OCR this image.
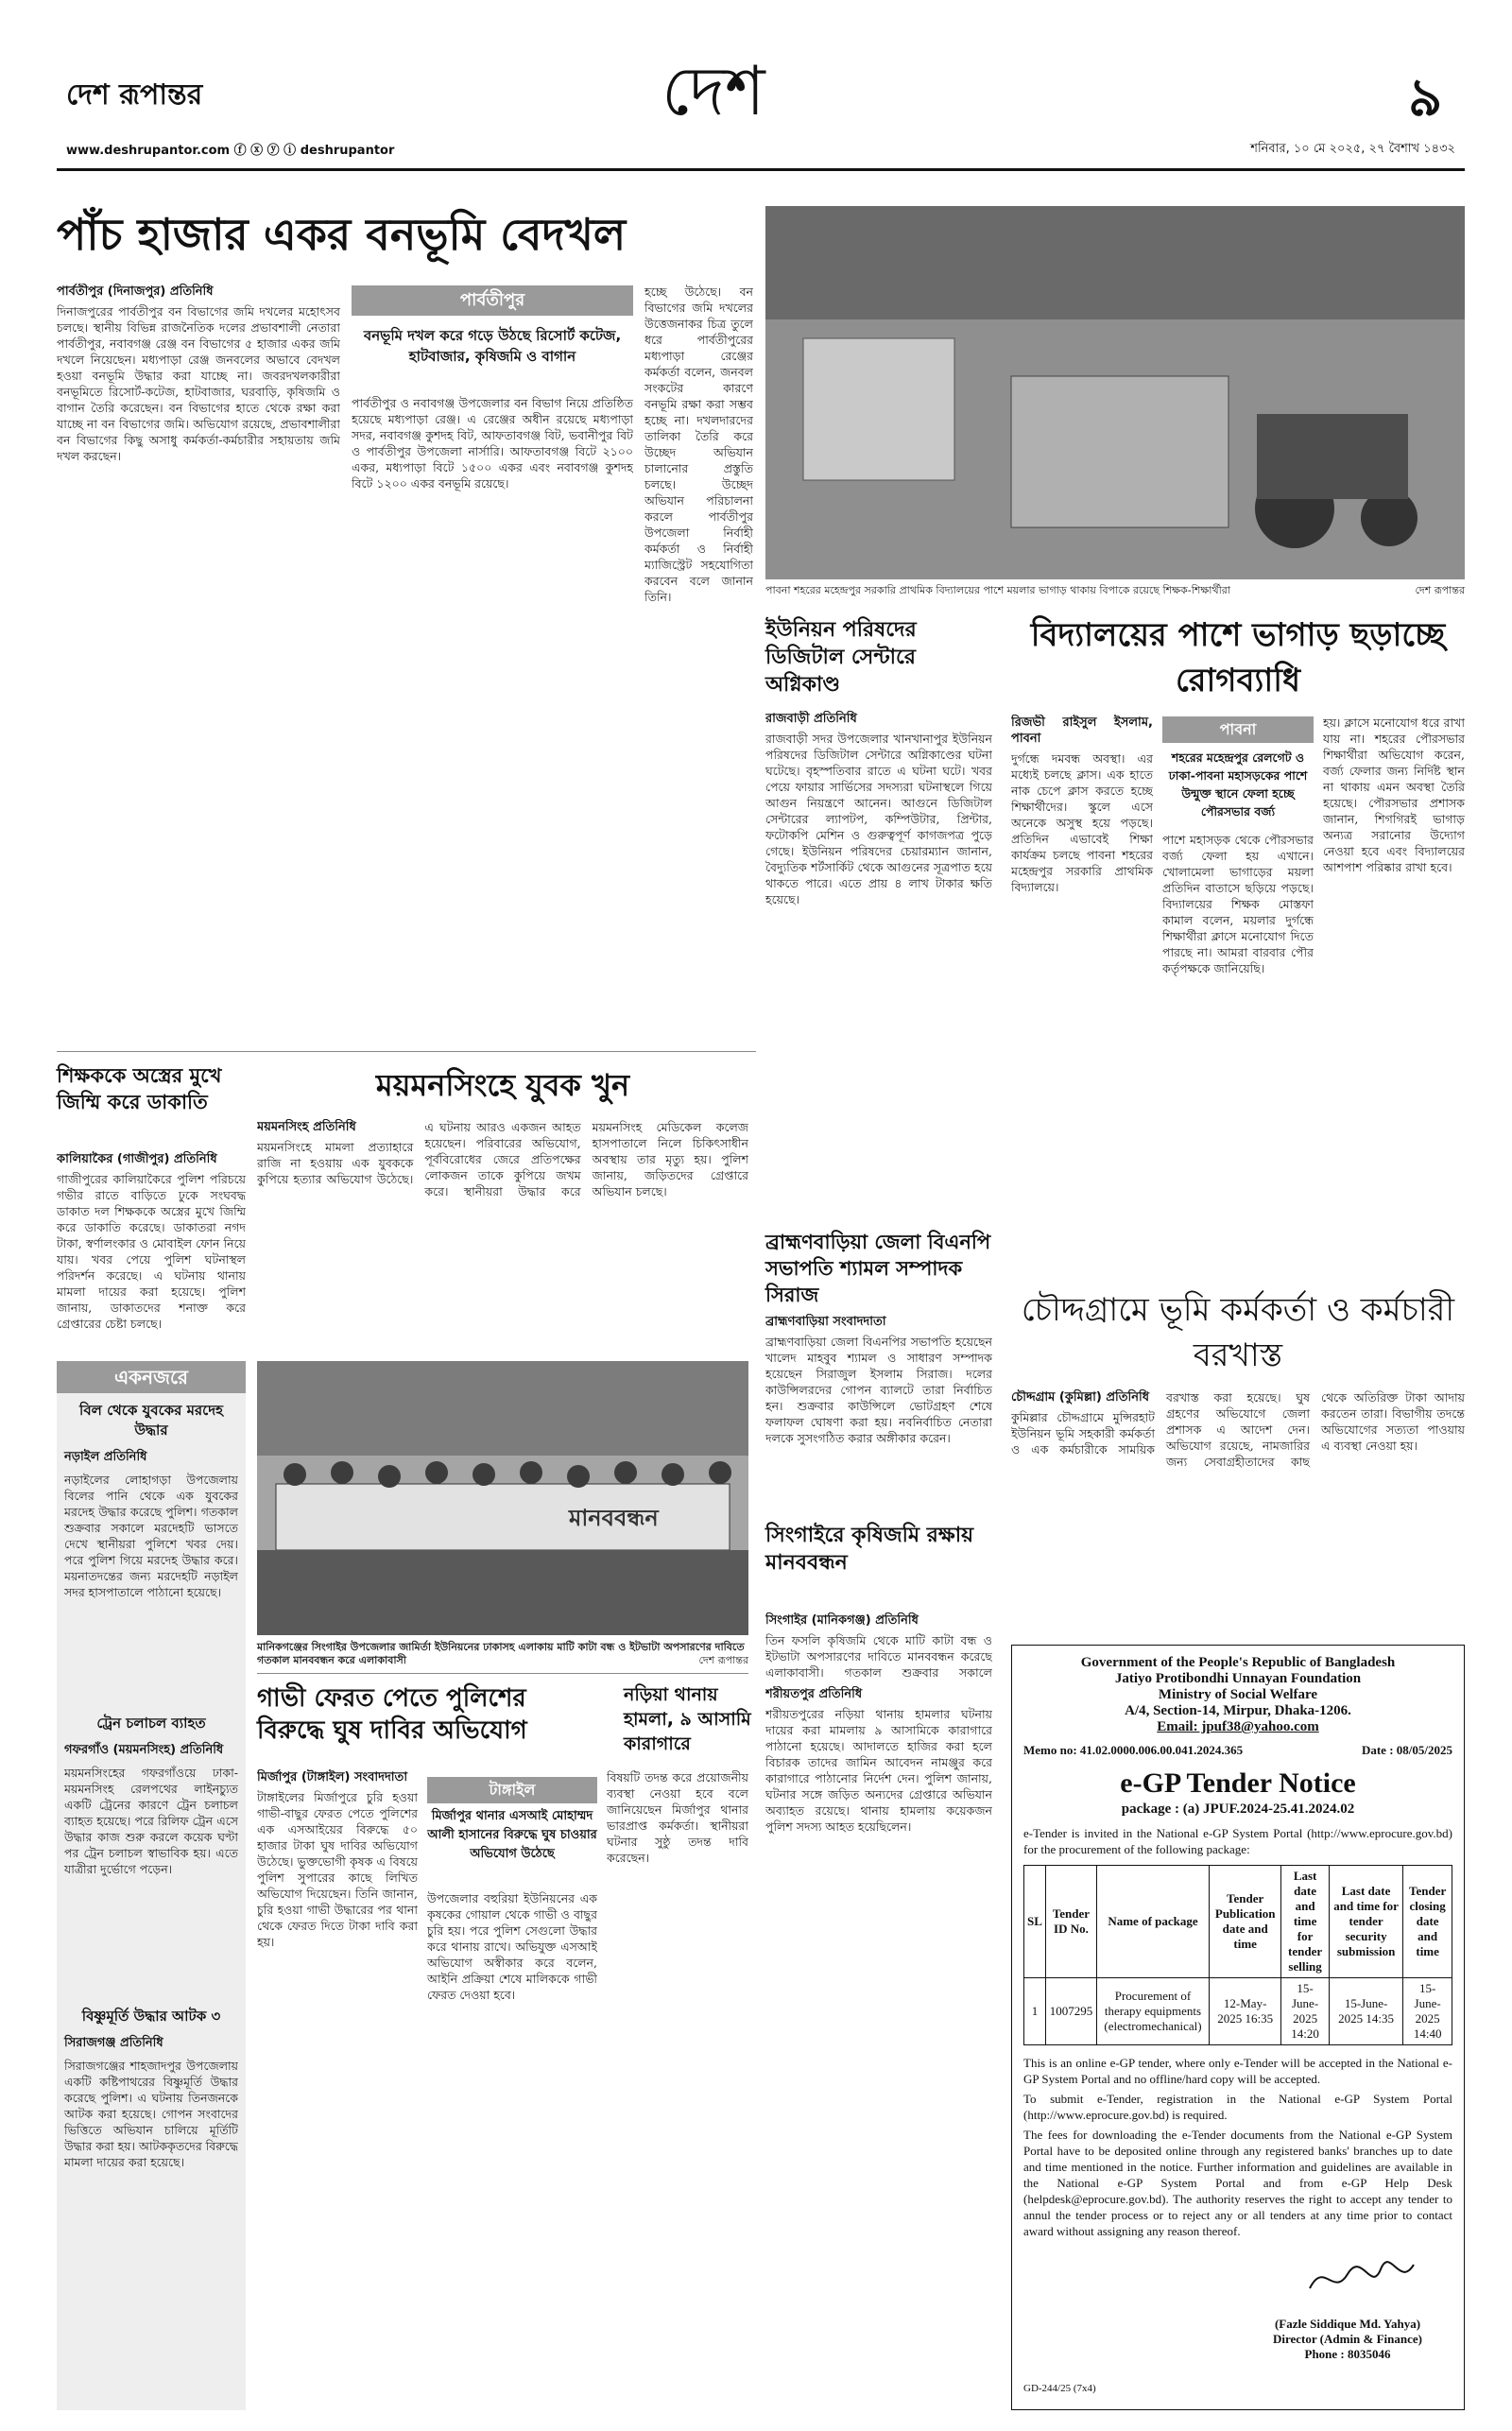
দেশ রূপান্তর	দেশ	৯
www.deshrupantor.com ⓕ ⓧ ⓨ ⓘ deshrupantor	শনিবার, ১০ মে ২০২৫, ২৭ বৈশাখ ১৪৩২
পাঁচ হাজার একর বনভূমি বেদখল
পার্বতীপুর (দিনাজপুর) প্রতিনিধি
দিনাজপুরের পার্বতীপুর বন বিভাগের জমি দখলের মহোৎসব চলছে। স্থানীয় বিভিন্ন রাজনৈতিক দলের প্রভাবশালী নেতারা পার্বতীপুর, নবাবগঞ্জ রেঞ্জ বন বিভাগের ৫ হাজার একর জমি দখলে নিয়েছেন। মধ্যপাড়া রেঞ্জ জনবলের অভাবে বেদখল হওয়া বনভূমি উদ্ধার করা যাচ্ছে না। জবরদখলকারীরা বনভূমিতে রিসোর্ট-কটেজ, হাটবাজার, ঘরবাড়ি, কৃষিজমি ও বাগান তৈরি করেছেন। বন বিভাগের হাতে থেকে রক্ষা করা যাচ্ছে না বন বিভাগের জমি। অভিযোগ রয়েছে, প্রভাবশালীরা বন বিভাগের কিছু অসাধু কর্মকর্তা-কর্মচারীর সহায়তায় জমি দখল করছেন।
পার্বতীপুর
বনভূমি দখল করে গড়ে উঠছে রিসোর্ট কটেজ, হাটবাজার, কৃষিজমি ও বাগান
পার্বতীপুর ও নবাবগঞ্জ উপজেলার বন বিভাগ নিয়ে প্রতিষ্ঠিত হয়েছে মধ্যপাড়া রেঞ্জ। এ রেঞ্জের অধীন রয়েছে মধ্যপাড়া সদর, নবাবগঞ্জ কুশদহ বিট, আফতাবগঞ্জ বিট, ভবানীপুর বিট ও পার্বতীপুর উপজেলা নার্সারি। আফতাবগঞ্জ বিটে ২১০০ একর, মধ্যপাড়া বিটে ১৫০০ একর এবং নবাবগঞ্জ কুশদহ বিটে ১২০০ একর বনভূমি রয়েছে।
হচ্ছে উঠেছে। বন বিভাগের জমি দখলের উত্তেজনাকর চিত্র তুলে ধরে পার্বতীপুরের মধ্যপাড়া রেঞ্জের কর্মকর্তা বলেন, জনবল সংকটের কারণে বনভূমি রক্ষা করা সম্ভব হচ্ছে না। দখলদারদের তালিকা তৈরি করে উচ্ছেদ অভিযান চালানোর প্রস্তুতি চলছে। উচ্ছেদ অভিযান পরিচালনা করলে পার্বতীপুর উপজেলা নির্বাহী কর্মকর্তা ও নির্বাহী ম্যাজিস্ট্রেট সহযোগিতা করবেন বলে জানান তিনি।	পাবনা শহরের মহেন্দ্রপুর সরকারি প্রাথমিক বিদ্যালয়ের পাশে ময়লার ভাগাড় থাকায় বিপাকে রয়েছে শিক্ষক-শিক্ষার্থীরা	দেশ রূপান্তর
বিদ্যালয়ের পাশে ভাগাড় ছড়াচ্ছে রোগব্যাধি
রিজভী রাইসুল ইসলাম, পাবনা
দুর্গন্ধে দমবন্ধ অবস্থা। এর মধ্যেই চলছে ক্লাস। এক হাতে নাক চেপে ক্লাস করতে হচ্ছে শিক্ষার্থীদের। স্কুলে এসে অনেকে অসুস্থ হয়ে পড়ছে। প্রতিদিন এভাবেই শিক্ষা কার্যক্রম চলছে পাবনা শহরের মহেন্দ্রপুর সরকারি প্রাথমিক বিদ্যালয়ে।
পাবনা
শহরের মহেন্দ্রপুর রেলগেট ও ঢাকা-পাবনা মহাসড়কের পাশে উন্মুক্ত স্থানে ফেলা হচ্ছে পৌরসভার বর্জ্য
পাশে মহাসড়ক থেকে পৌরসভার বর্জ্য ফেলা হয় এখানে। খোলামেলা ভাগাড়ের ময়লা প্রতিদিন বাতাসে ছড়িয়ে পড়ছে। বিদ্যালয়ের শিক্ষক মোস্তফা কামাল বলেন, ময়লার দুর্গন্ধে শিক্ষার্থীরা ক্লাসে মনোযোগ দিতে পারছে না। আমরা বারবার পৌর কর্তৃপক্ষকে জানিয়েছি।
হয়। ক্লাসে মনোযোগ ধরে রাখা যায় না। শহরের পৌরসভার শিক্ষার্থীরা অভিযোগ করেন, বর্জ্য ফেলার জন্য নির্দিষ্ট স্থান না থাকায় এমন অবস্থা তৈরি হয়েছে। পৌরসভার প্রশাসক জানান, শিগগিরই ভাগাড় অন্যত্র সরানোর উদ্যোগ নেওয়া হবে এবং বিদ্যালয়ের আশপাশ পরিষ্কার রাখা হবে।
ইউনিয়ন পরিষদের ডিজিটাল সেন্টারে অগ্নিকাণ্ড
রাজবাড়ী প্রতিনিধি
রাজবাড়ী সদর উপজেলার খানখানাপুর ইউনিয়ন পরিষদের ডিজিটাল সেন্টারে অগ্নিকাণ্ডের ঘটনা ঘটেছে। বৃহস্পতিবার রাতে এ ঘটনা ঘটে। খবর পেয়ে ফায়ার সার্ভিসের সদস্যরা ঘটনাস্থলে গিয়ে আগুন নিয়ন্ত্রণে আনেন। আগুনে ডিজিটাল সেন্টারের ল্যাপটপ, কম্পিউটার, প্রিন্টার, ফটোকপি মেশিন ও গুরুত্বপূর্ণ কাগজপত্র পুড়ে গেছে। ইউনিয়ন পরিষদের চেয়ারম্যান জানান, বৈদ্যুতিক শর্টসার্কিট থেকে আগুনের সূত্রপাত হয়ে থাকতে পারে। এতে প্রায় ৪ লাখ টাকার ক্ষতি হয়েছে।
শিক্ষককে অস্ত্রের মুখে জিম্মি করে ডাকাতি
কালিয়াকৈর (গাজীপুর) প্রতিনিধি
গাজীপুরের কালিয়াকৈরে পুলিশ পরিচয়ে গভীর রাতে বাড়িতে ঢুকে সংঘবদ্ধ ডাকাত দল শিক্ষককে অস্ত্রের মুখে জিম্মি করে ডাকাতি করেছে। ডাকাতরা নগদ টাকা, স্বর্ণালংকার ও মোবাইল ফোন নিয়ে যায়। খবর পেয়ে পুলিশ ঘটনাস্থল পরিদর্শন করেছে। এ ঘটনায় থানায় মামলা দায়ের করা হয়েছে। পুলিশ জানায়, ডাকাতদের শনাক্ত করে গ্রেপ্তারের চেষ্টা চলছে।
ময়মনসিংহে যুবক খুন
ময়মনসিংহ প্রতিনিধি
ময়মনসিংহে মামলা প্রত্যাহারে রাজি না হওয়ায় এক যুবককে কুপিয়ে হত্যার অভিযোগ উঠেছে। এ ঘটনায় আরও একজন আহত হয়েছেন। পরিবারের অভিযোগ, পূর্ববিরোধের জেরে প্রতিপক্ষের লোকজন তাকে কুপিয়ে জখম করে। স্থানীয়রা উদ্ধার করে ময়মনসিংহ মেডিকেল কলেজ হাসপাতালে নিলে চিকিৎসাধীন অবস্থায় তার মৃত্যু হয়। পুলিশ জানায়, জড়িতদের গ্রেপ্তারে অভিযান চলছে।
ব্রাহ্মণবাড়িয়া জেলা বিএনপি সভাপতি শ্যামল সম্পাদক সিরাজ
ব্রাহ্মণবাড়িয়া সংবাদদাতা
ব্রাহ্মণবাড়িয়া জেলা বিএনপির সভাপতি হয়েছেন খালেদ মাহবুব শ্যামল ও সাধারণ সম্পাদক হয়েছেন সিরাজুল ইসলাম সিরাজ। দলের কাউন্সিলরদের গোপন ব্যালটে তারা নির্বাচিত হন। শুক্রবার কাউন্সিলে ভোটগ্রহণ শেষে ফলাফল ঘোষণা করা হয়। নবনির্বাচিত নেতারা দলকে সুসংগঠিত করার অঙ্গীকার করেন।
একনজরে
বিল থেকে যুবকের মরদেহ উদ্ধার
নড়াইল প্রতিনিধি
নড়াইলের লোহাগড়া উপজেলায় বিলের পানি থেকে এক যুবকের মরদেহ উদ্ধার করেছে পুলিশ। গতকাল শুক্রবার সকালে মরদেহটি ভাসতে দেখে স্থানীয়রা পুলিশে খবর দেয়। পরে পুলিশ গিয়ে মরদেহ উদ্ধার করে। ময়নাতদন্তের জন্য মরদেহটি নড়াইল সদর হাসপাতালে পাঠানো হয়েছে।
ট্রেন চলাচল ব্যাহত
গফরগাঁও (ময়মনসিংহ) প্রতিনিধি
ময়মনসিংহের গফরগাঁওয়ে ঢাকা-ময়মনসিংহ রেলপথের লাইনচ্যুত একটি ট্রেনের কারণে ট্রেন চলাচল ব্যাহত হয়েছে। পরে রিলিফ ট্রেন এসে উদ্ধার কাজ শুরু করলে কয়েক ঘণ্টা পর ট্রেন চলাচল স্বাভাবিক হয়। এতে যাত্রীরা দুর্ভোগে পড়েন।
বিষ্ণুমূর্তি উদ্ধার আটক ৩
সিরাজগঞ্জ প্রতিনিধি
সিরাজগঞ্জের শাহজাদপুর উপজেলায় একটি কষ্টিপাথরের বিষ্ণুমূর্তি উদ্ধার করেছে পুলিশ। এ ঘটনায় তিনজনকে আটক করা হয়েছে। গোপন সংবাদের ভিত্তিতে অভিযান চালিয়ে মূর্তিটি উদ্ধার করা হয়। আটককৃতদের বিরুদ্ধে মামলা দায়ের করা হয়েছে।
মানববন্ধন
মানিকগঞ্জের সিংগাইর উপজেলার জামির্তা ইউনিয়নের ঢাকাসহ এলাকায় মাটি কাটা বন্ধ ও ইটভাটা অপসারণের দাবিতে গতকাল মানববন্ধন করে এলাকাবাসী	দেশ রূপান্তর
সিংগাইরে কৃষিজমি রক্ষায় মানববন্ধন
সিংগাইর (মানিকগঞ্জ) প্রতিনিধি
তিন ফসলি কৃষিজমি থেকে মাটি কাটা বন্ধ ও ইটভাটা অপসারণের দাবিতে মানববন্ধন করেছে এলাকাবাসী। গতকাল শুক্রবার সকালে
চৌদ্দগ্রামে ভূমি কর্মকর্তা ও কর্মচারী বরখাস্ত
চৌদ্দগ্রাম (কুমিল্লা) প্রতিনিধি
কুমিল্লার চৌদ্দগ্রামে মুন্সিরহাট ইউনিয়ন ভূমি সহকারী কর্মকর্তা ও এক কর্মচারীকে সাময়িক বরখাস্ত করা হয়েছে। ঘুষ গ্রহণের অভিযোগে জেলা প্রশাসক এ আদেশ দেন। অভিযোগ রয়েছে, নামজারির জন্য সেবাগ্রহীতাদের কাছ থেকে অতিরিক্ত টাকা আদায় করতেন তারা। বিভাগীয় তদন্তে অভিযোগের সত্যতা পাওয়ায় এ ব্যবস্থা নেওয়া হয়।
গাভী ফেরত পেতে পুলিশের বিরুদ্ধে ঘুষ দাবির অভিযোগ
মির্জাপুর (টাঙ্গাইল) সংবাদদাতা
টাঙ্গাইলের মির্জাপুরে চুরি হওয়া গাভী-বাছুর ফেরত পেতে পুলিশের এক এসআইয়ের বিরুদ্ধে ৫০ হাজার টাকা ঘুষ দাবির অভিযোগ উঠেছে। ভুক্তভোগী কৃষক এ বিষয়ে পুলিশ সুপারের কাছে লিখিত অভিযোগ দিয়েছেন। তিনি জানান, চুরি হওয়া গাভী উদ্ধারের পর থানা থেকে ফেরত দিতে টাকা দাবি করা হয়।
টাঙ্গাইল
মির্জাপুর থানার এসআই মোহাম্মদ আলী হাসানের বিরুদ্ধে ঘুষ চাওয়ার অভিযোগ উঠেছে
উপজেলার বহুরিয়া ইউনিয়নের এক কৃষকের গোয়াল থেকে গাভী ও বাছুর চুরি হয়। পরে পুলিশ সেগুলো উদ্ধার করে থানায় রাখে। অভিযুক্ত এসআই অভিযোগ অস্বীকার করে বলেন, আইনি প্রক্রিয়া শেষে মালিককে গাভী ফেরত দেওয়া হবে।
বিষয়টি তদন্ত করে প্রয়োজনীয় ব্যবস্থা নেওয়া হবে বলে জানিয়েছেন মির্জাপুর থানার ভারপ্রাপ্ত কর্মকর্তা। স্থানীয়রা ঘটনার সুষ্ঠু তদন্ত দাবি করেছেন।
নড়িয়া থানায় হামলা, ৯ আসামি কারাগারে
শরীয়তপুর প্রতিনিধি
শরীয়তপুরের নড়িয়া থানায় হামলার ঘটনায় দায়ের করা মামলায় ৯ আসামিকে কারাগারে পাঠানো হয়েছে। আদালতে হাজির করা হলে বিচারক তাদের জামিন আবেদন নামঞ্জুর করে কারাগারে পাঠানোর নির্দেশ দেন। পুলিশ জানায়, ঘটনার সঙ্গে জড়িত অন্যদের গ্রেপ্তারে অভিযান অব্যাহত রয়েছে। থানায় হামলায় কয়েকজন পুলিশ সদস্য আহত হয়েছিলেন।
Government of the People's Republic of Bangladesh
Jatiyo Protibondhi Unnayan Foundation
Ministry of Social Welfare
A/4, Section-14, Mirpur, Dhaka-1206.
Email: jpuf38@yahoo.com
Memo no: 41.02.0000.006.00.041.2024.365	Date : 08/05/2025
e-GP Tender Notice
package : (a) JPUF.2024-25.41.2024.02
e-Tender is invited in the National e-GP System Portal (http://www.eprocure.gov.bd) for the procurement of the following package:
SL	Tender ID No.	Name of package	Tender Publication date and time	Last date and time for tender selling	Last date and time for tender security submission	Tender closing date and time
1	1007295	Procurement of therapy equipments (electromechanical)	12-May-2025 16:35	15-June-2025 14:20	15-June-2025 14:35	15-June-2025 14:40
This is an online e-GP tender, where only e-Tender will be accepted in the National e-GP System Portal and no offline/hard copy will be accepted.
To submit e-Tender, registration in the National e-GP System Portal (http://www.eprocure.gov.bd) is required.
The fees for downloading the e-Tender documents from the National e-GP System Portal have to be deposited online through any registered banks' branches up to date and time mentioned in the notice. Further information and guidelines are available in the National e-GP System Portal and from e-GP Help Desk (helpdesk@eprocure.gov.bd). The authority reserves the right to accept any tender to annul the tender process or to reject any or all tenders at any time prior to contact award without assigning any reason thereof.
(Fazle Siddique Md. Yahya)
Director (Admin & Finance)
Phone : 8035046
GD-244/25 (7x4)
